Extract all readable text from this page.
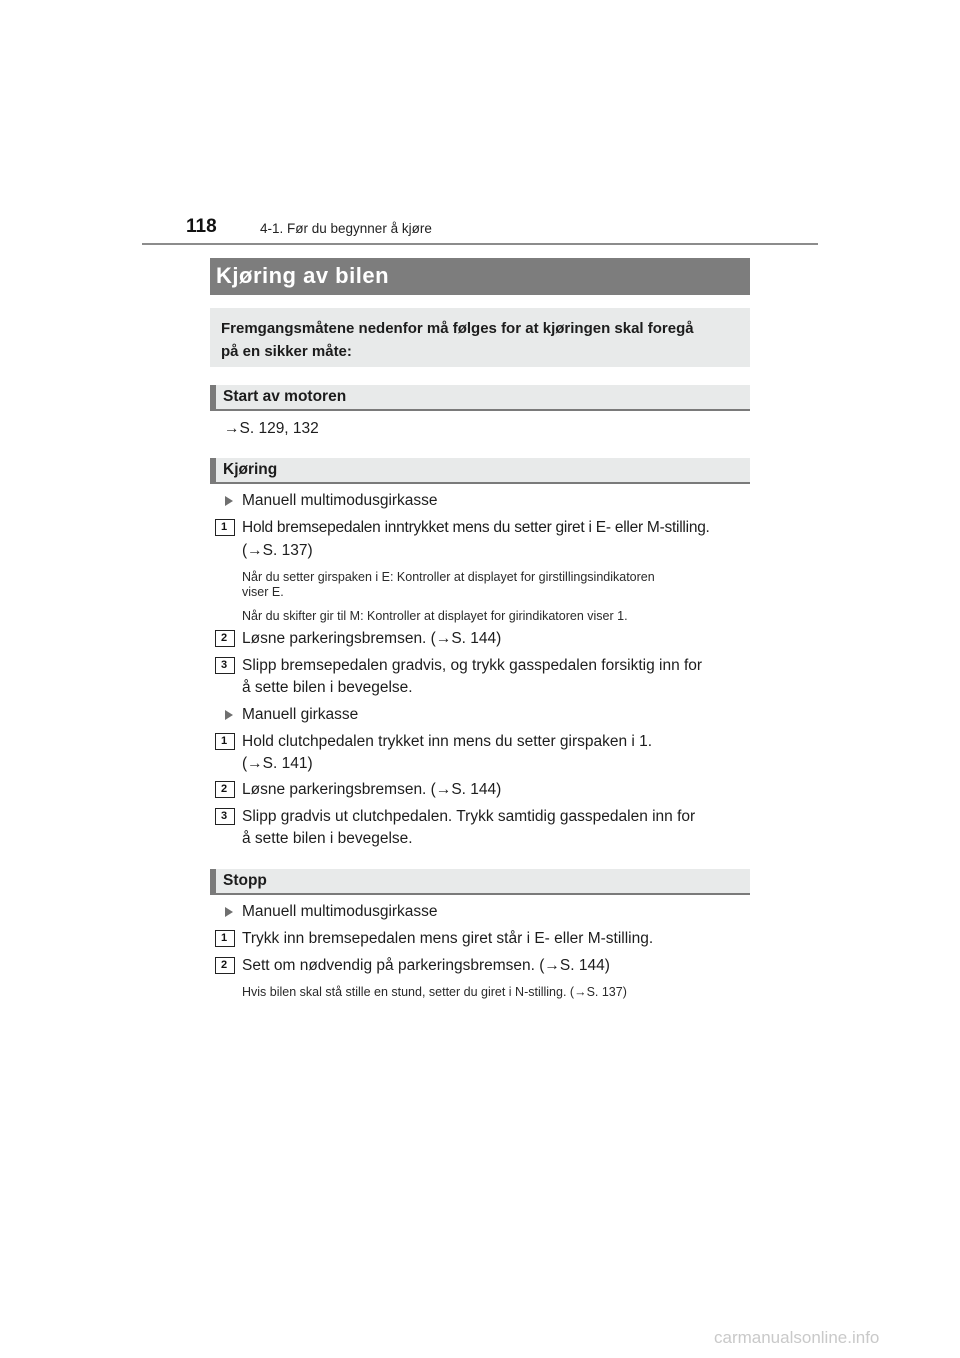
118	4-1. Før du begynner å kjøre
Kjøring av bilen
Fremgangsmåtene nedenfor må følges for at kjøringen skal foregå
på en sikker måte:
Start av motoren
→S. 129, 132
Kjøring
Manuell multimodusgirkasse
1 Hold bremsepedalen inntrykket mens du setter giret i E- eller M-stilling.
(→S. 137)
Når du setter girspaken i E: Kontroller at displayet for girstillingsindikatoren
viser E.
Når du skifter gir til M: Kontroller at displayet for girindikatoren viser 1.
2 Løsne parkeringsbremsen. (→S. 144)
3 Slipp bremsepedalen gradvis, og trykk gasspedalen forsiktig inn for
å sette bilen i bevegelse.
Manuell girkasse
1 Hold clutchpedalen trykket inn mens du setter girspaken i 1.
(→S. 141)
2 Løsne parkeringsbremsen. (→S. 144)
3 Slipp gradvis ut clutchpedalen. Trykk samtidig gasspedalen inn for
å sette bilen i bevegelse.
Stopp
Manuell multimodusgirkasse
1 Trykk inn bremsepedalen mens giret står i E- eller M-stilling.
2 Sett om nødvendig på parkeringsbremsen. (→S. 144)
Hvis bilen skal stå stille en stund, setter du giret i N-stilling. (→S. 137)
carmanualsonline.info
